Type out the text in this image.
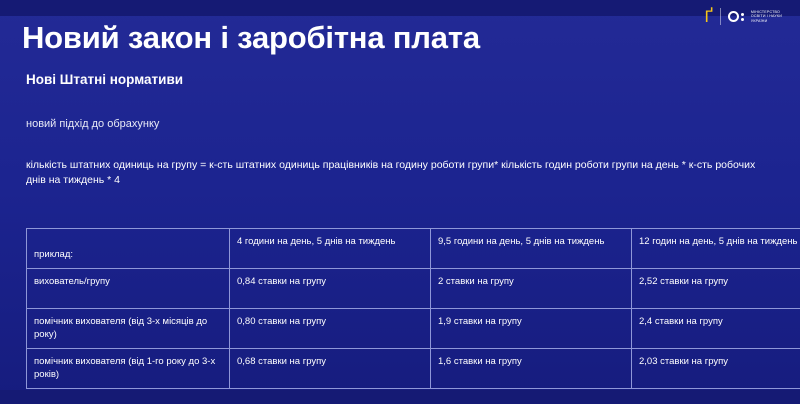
Ґ	МІНІСТЕРСТВО
ОСВІТИ І НАУКИ
УКРАЇНИ
Новий закон і заробітна плата
Нові Штатні нормативи
новий підхід до обрахунку
кількість штатних одиниць на групу = к-сть штатних одиниць працівників на годину роботи групи* кількість годин роботи групи на день * к-сть робочих днів на тиждень * 4
приклад:	4 години на день, 5 днів на тиждень	9,5 години на день, 5 днів на тиждень	12 годин на день, 5 днів на тиждень
вихователь/групу	0,84 ставки на групу	2 ставки на групу	2,52 ставки на групу
помічник вихователя (від 3-х місяців до року)	0,80 ставки на групу	1,9 ставки на групу	2,4 ставки на групу
помічник вихователя (від 1-го року до 3-х років)	0,68 ставки на групу	1,6 ставки на групу	2,03 ставки на групу
